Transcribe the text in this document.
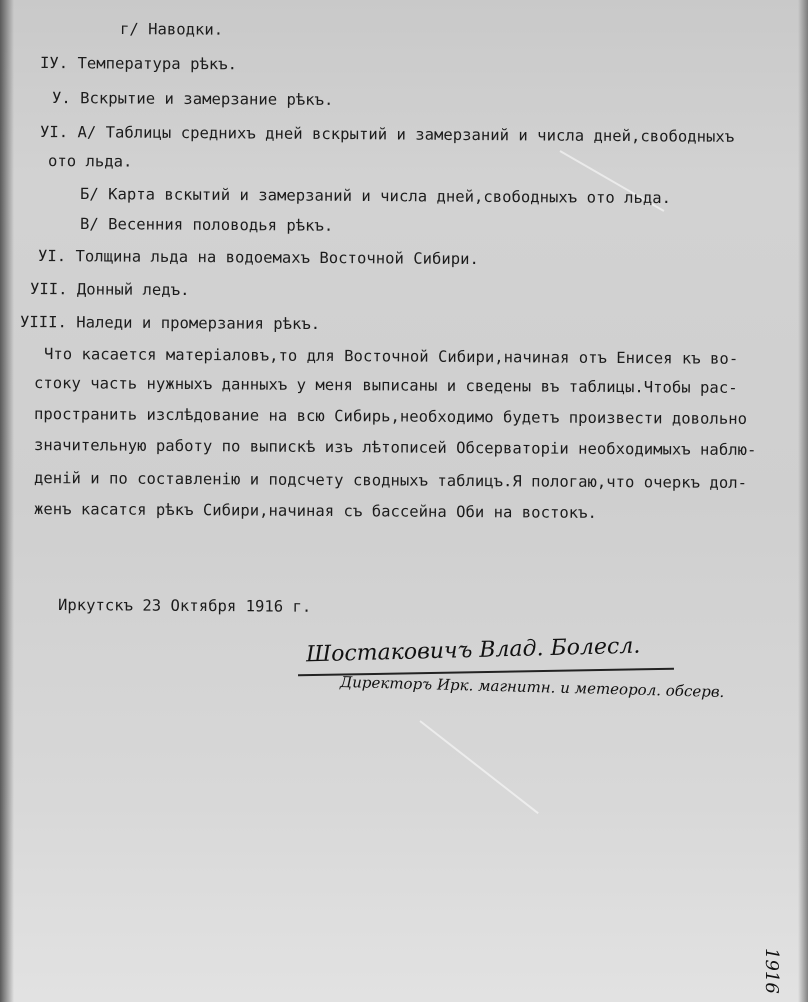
г/ Наводки.
IУ. Температура рѣкъ.
У. Вскрытие и замерзание рѣкъ.
УI. А/ Таблицы среднихъ дней вскрытий и замерзаний и числа дней,свободныхъ
ото льда.
Б/ Карта вскытий и замерзаний и числа дней,свободныхъ ото льда.
В/ Весенния половодья рѣкъ.
УI. Толщина льда на водоемахъ Восточной Сибири.
УII. Донный ледъ.
УIII. Наледи и промерзания рѣкъ.
Что касается матеріаловъ,то для Восточной Сибири,начиная отъ Енисея къ во-
стоку часть нужныхъ данныхъ у меня выписаны и сведены въ таблицы.Чтобы рас-
пространить изслѣдование на всю Сибирь,необходимо будетъ произвести довольно
значительную работу по выпискѣ изъ лѣтописей Обсерваторіи необходимыхъ наблю-
деній и по составленію и подсчету сводныхъ таблицъ.Я пологаю,что очеркъ дол-
женъ касатся рѣкъ Сибири,начиная съ бассейна Оби на востокъ.
Иркутскъ 23 Октября 1916 г.
Шостаковичъ Влад. Болесл.
Директоръ Ирк. магнитн. и метеорол. обсерв.
1916
